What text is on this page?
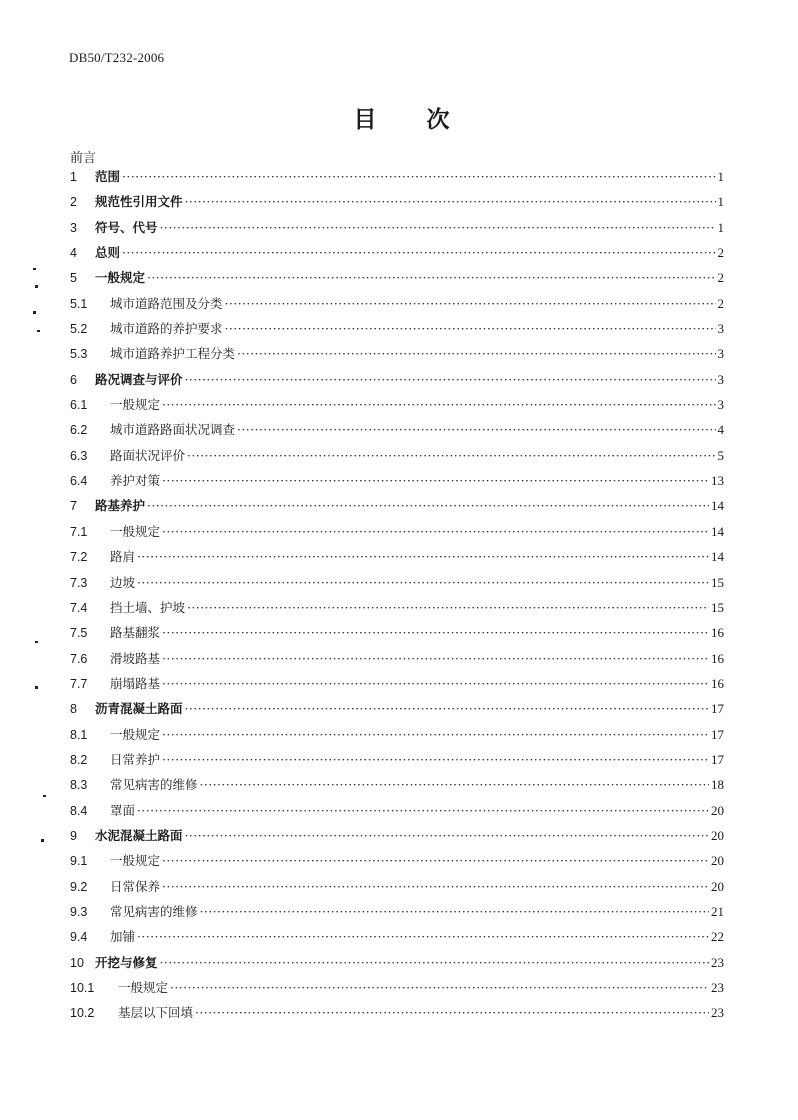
DB50/T232-2006
目 次
前言
1	范围 ·····	1
2	规范性引用文件 ·····	1
3	符号、代号 ·····	1
4	总则 ·····	2
5	一般规定 ·····	2
5.1	城市道路范围及分类 ·····	2
5.2	城市道路的养护要求 ·····	3
5.3	城市道路养护工程分类 ·····	3
6	路况调查与评价 ·····	3
6.1	一般规定 ·····	3
6.2	城市道路路面状况调查 ·····	4
6.3	路面状况评价 ·····	5
6.4	养护对策 ·····	13
7	路基养护 ·····	14
7.1	一般规定 ·····	14
7.2	路肩 ·····	14
7.3	边坡 ·····	15
7.4	挡土墙、护坡 ·····	15
7.5	路基翻浆 ·····	16
7.6	滑坡路基 ·····	16
7.7	崩塌路基 ·····	16
8	沥青混凝土路面 ·····	17
8.1	一般规定 ·····	17
8.2	日常养护 ·····	17
8.3	常见病害的维修 ·····	18
8.4	罩面 ·····	20
9	水泥混凝土路面 ·····	20
9.1	一般规定 ·····	20
9.2	日常保养 ·····	20
9.3	常见病害的维修 ·····	21
9.4	加铺 ·····	22
10 开挖与修复 ·····	23
10.1	一般规定 ·····	23
10.2	基层以下回填 ·····	23
